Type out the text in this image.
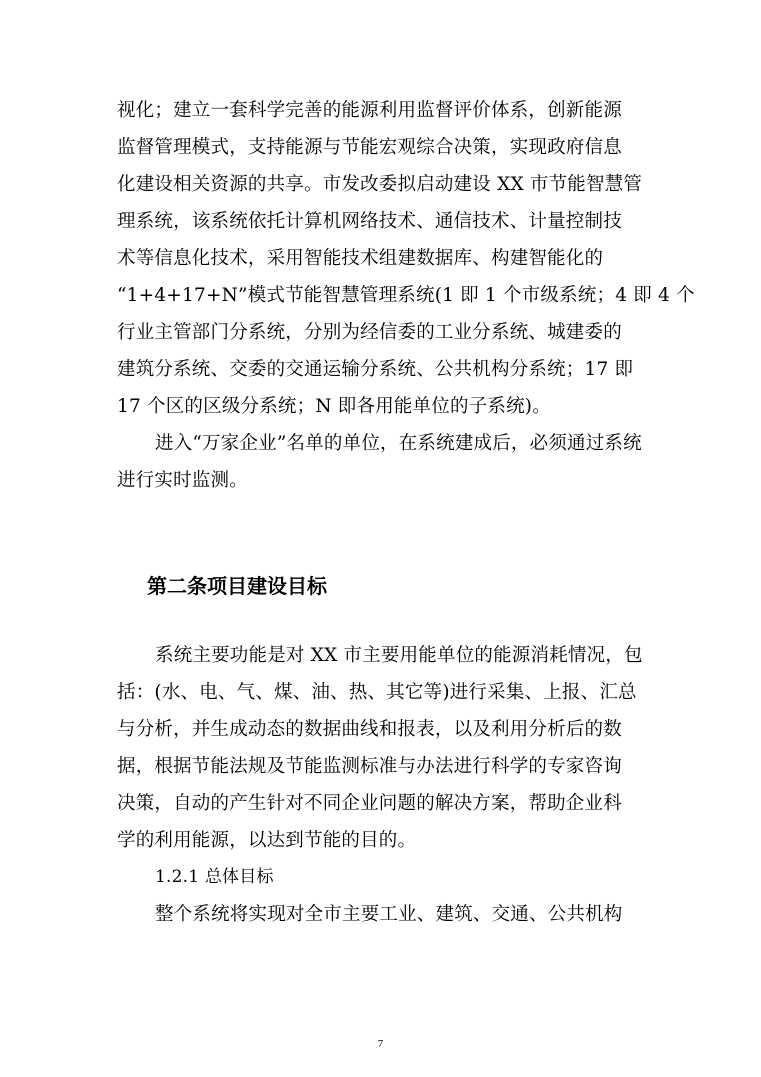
视化；建立一套科学完善的能源利用监督评价体系，创新能源
监督管理模式，支持能源与节能宏观综合决策，实现政府信息
化建设相关资源的共享。市发改委拟启动建设 XX 市节能智慧管
理系统，该系统依托计算机网络技术、通信技术、计量控制技
术等信息化技术，采用智能技术组建数据库、构建智能化的
“1+4+17+N”模式节能智慧管理系统(1 即 1 个市级系统；4 即 4 个
行业主管部门分系统，分别为经信委的工业分系统、城建委的
建筑分系统、交委的交通运输分系统、公共机构分系统；17 即
17 个区的区级分系统；N 即各用能单位的子系统)。
进入“万家企业”名单的单位，在系统建成后，必须通过系统
进行实时监测。
第二条项目建设目标
系统主要功能是对 XX 市主要用能单位的能源消耗情况，包
括：(水、电、气、煤、油、热、其它等)进行采集、上报、汇总
与分析，并生成动态的数据曲线和报表，以及利用分析后的数
据，根据节能法规及节能监测标准与办法进行科学的专家咨询
决策，自动的产生针对不同企业问题的解决方案，帮助企业科
学的利用能源，以达到节能的目的。
1.2.1 总体目标
整个系统将实现对全市主要工业、建筑、交通、公共机构
7
